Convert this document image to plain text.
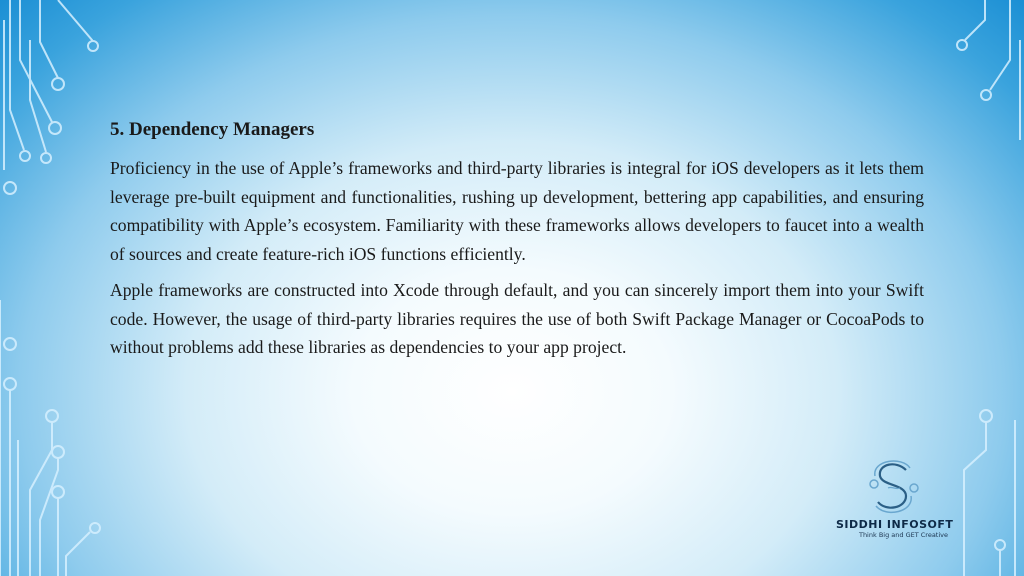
5. Dependency Managers

Proficiency in the use of Apple’s frameworks and third-party libraries is integral for iOS developers as it lets them leverage pre-built equipment and functionalities, rushing up development, bettering app capabilities, and ensuring compatibility with Apple’s ecosystem. Familiarity with these frameworks allows developers to faucet into a wealth of sources and create feature-rich iOS functions efficiently.

Apple frameworks are constructed into Xcode through default, and you can sincerely import them into your Swift code. However, the usage of third-party libraries requires the use of both Swift Package Manager or CocoaPods to without problems add these libraries as dependencies to your app project.

SIDDHI INFOSOFT
Think Big and GET Creative
